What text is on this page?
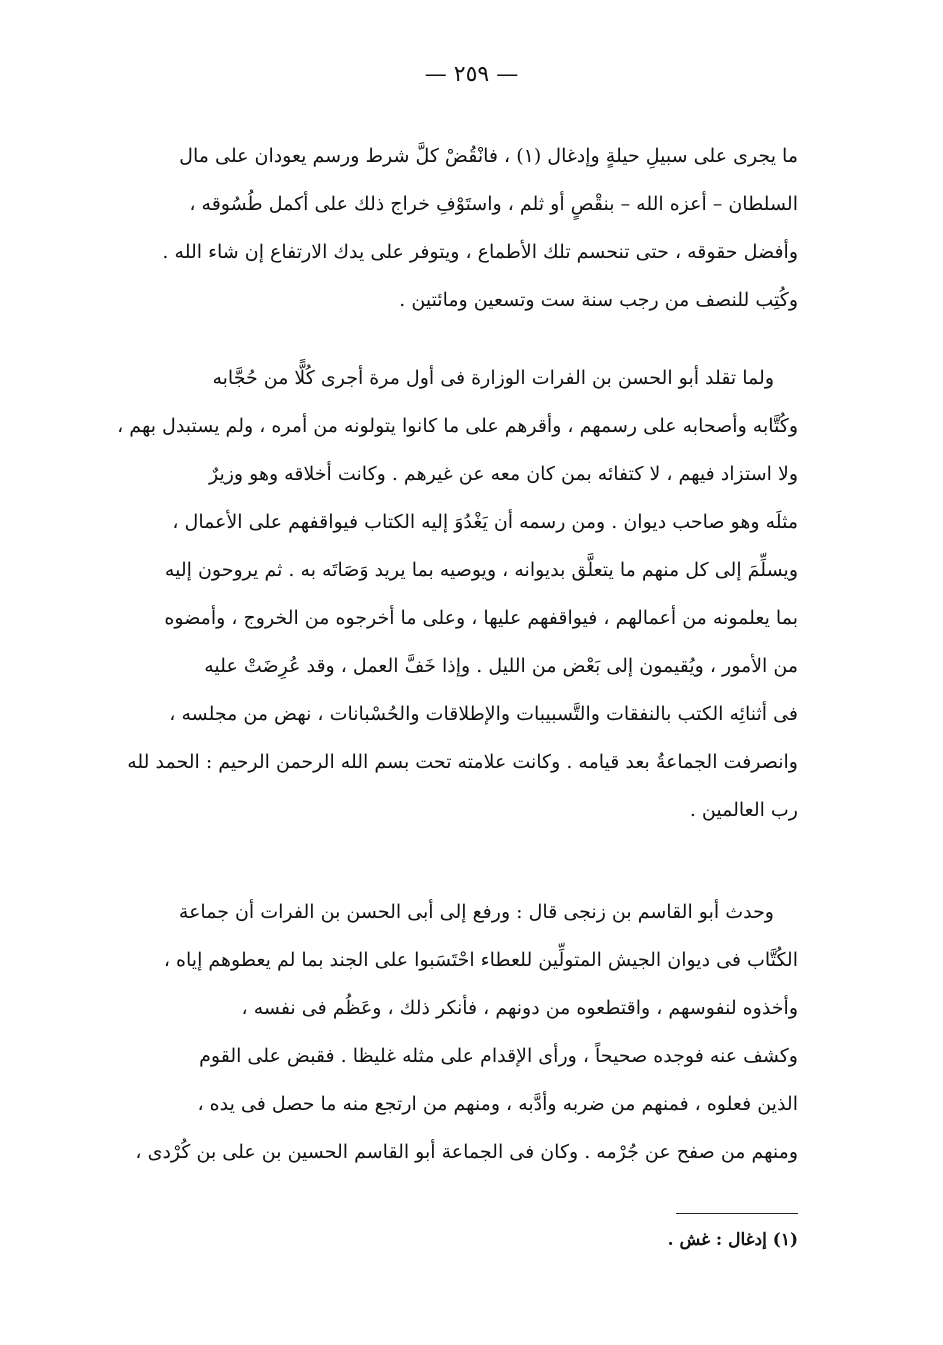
— ٢٥٩ —
ما يجرى على سبيلِ حيلةٍ وإدغال (١) ، فانْقُضْ كلَّ شرط ورسم يعودان على مال
السلطان – أعزه الله – بنقْصٍ أو ثلم ، واستَوْفِ خراج ذلك على أكمل طُسُوقه ،
وأفضل حقوقه ، حتى تنحسم تلك الأطماع ، ويتوفر على يدك الارتفاع إن شاء الله .
وكُتِب للنصف من رجب سنة ست وتسعين ومائتين .
ولما تقلد أبو الحسن بن الفرات الوزارة فى أول مرة أجرى كُلًّا من حُجَّابه
وكُتَّابه وأصحابه على رسمهم ، وأقرهم على ما كانوا يتولونه من أمره ، ولم يستبدل بهم ،
ولا استزاد فيهم ، لا كتفائه بمن كان معه عن غيرهم . وكانت أخلاقه وهو وزيرٌ
مثلَه وهو صاحب ديوان . ومن رسمه أن يَغْدُوَ إليه الكتاب فيواقفهم على الأعمال ،
ويسلِّمَ إلى كل منهم ما يتعلَّق بديوانه ، ويوصيه بما يريد وَصَاتَه به . ثم يروحون إليه
بما يعلمونه من أعمالهم ، فيواقفهم عليها ، وعلى ما أخرجوه من الخروج ، وأمضوه
من الأمور ، ويُقيمون إلى بَعْض من الليل . وإذا خَفَّ العمل ، وقد عُرِضَتْ عليه
فى أثنائِه الكتب بالنفقات والتَّسبيبات والإطلاقات والحُسْبانات ، نهض من مجلسه ،
وانصرفت الجماعةُ بعد قيامه . وكانت علامته تحت بسم الله الرحمن الرحيم : الحمد لله
رب العالمين .
وحدث أبو القاسم بن زنجى قال : ورفع إلى أبى الحسن بن الفرات أن جماعة
الكُتَّاب فى ديوان الجيش المتولِّين للعطاء احْتَسَبوا على الجند بما لم يعطوهم إياه ،
وأخذوه لنفوسهم ، واقتطعوه من دونهم ، فأنكر ذلك ، وعَظُم فى نفسه ،
وكشف عنه فوجده صحيحاً ، ورأى الإقدام على مثله غليظا . فقبض على القوم
الذين فعلوه ، فمنهم من ضربه وأدَّبه ، ومنهم من ارتجع منه ما حصل فى يده ،
ومنهم من صفح عن جُرْمه . وكان فى الجماعة أبو القاسم الحسين بن على بن كُرْدى ،
(١) إدغال : غش .
